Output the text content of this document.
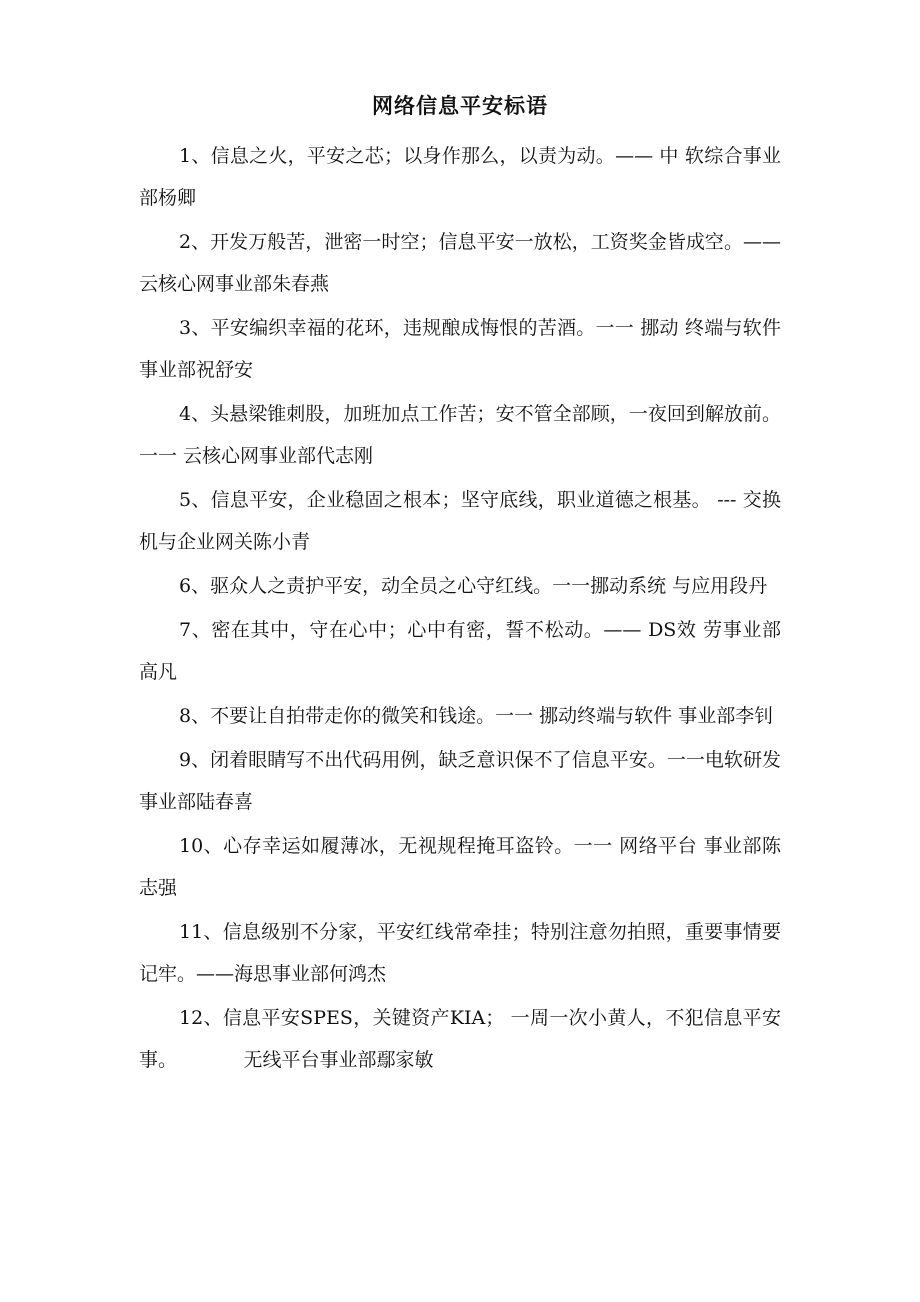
网络信息平安标语

1、信息之火，平安之芯；以身作那么，以责为动。—— 中 软综合事业部杨卿

2、开发万般苦，泄密一时空；信息平安一放松，工资奖金皆成空。—— 云核心网事业部朱春燕

3、平安编织幸福的花环，违规酿成悔恨的苦酒。一一 挪动 终端与软件事业部祝舒安

4、头悬梁锥刺股，加班加点工作苦；安不管全部顾，一夜回到解放前。一一 云核心网事业部代志刚

5、信息平安，企业稳固之根本；坚守底线，职业道德之根基。 --- 交换机与企业网关陈小青

6、驱众人之责护平安，动全员之心守红线。一一挪动系统 与应用段丹

7、密在其中，守在心中；心中有密，誓不松动。—— DS效 劳事业部高凡

8、不要让自拍带走你的微笑和钱途。一一 挪动终端与软件 事业部李钊

9、闭着眼睛写不出代码用例，缺乏意识保不了信息平安。一一电软研发事业部陆春喜

10、心存幸运如履薄冰，无视规程掩耳盗铃。一一 网络平台 事业部陈志强

11、信息级别不分家，平安红线常牵挂；特别注意勿拍照，重要事情要记牢。——海思事业部何鸿杰

12、信息平安SPES，关键资产KIA； 一周一次小黄人，不犯信息平安事。　　　　无线平台事业部鄢家敏
